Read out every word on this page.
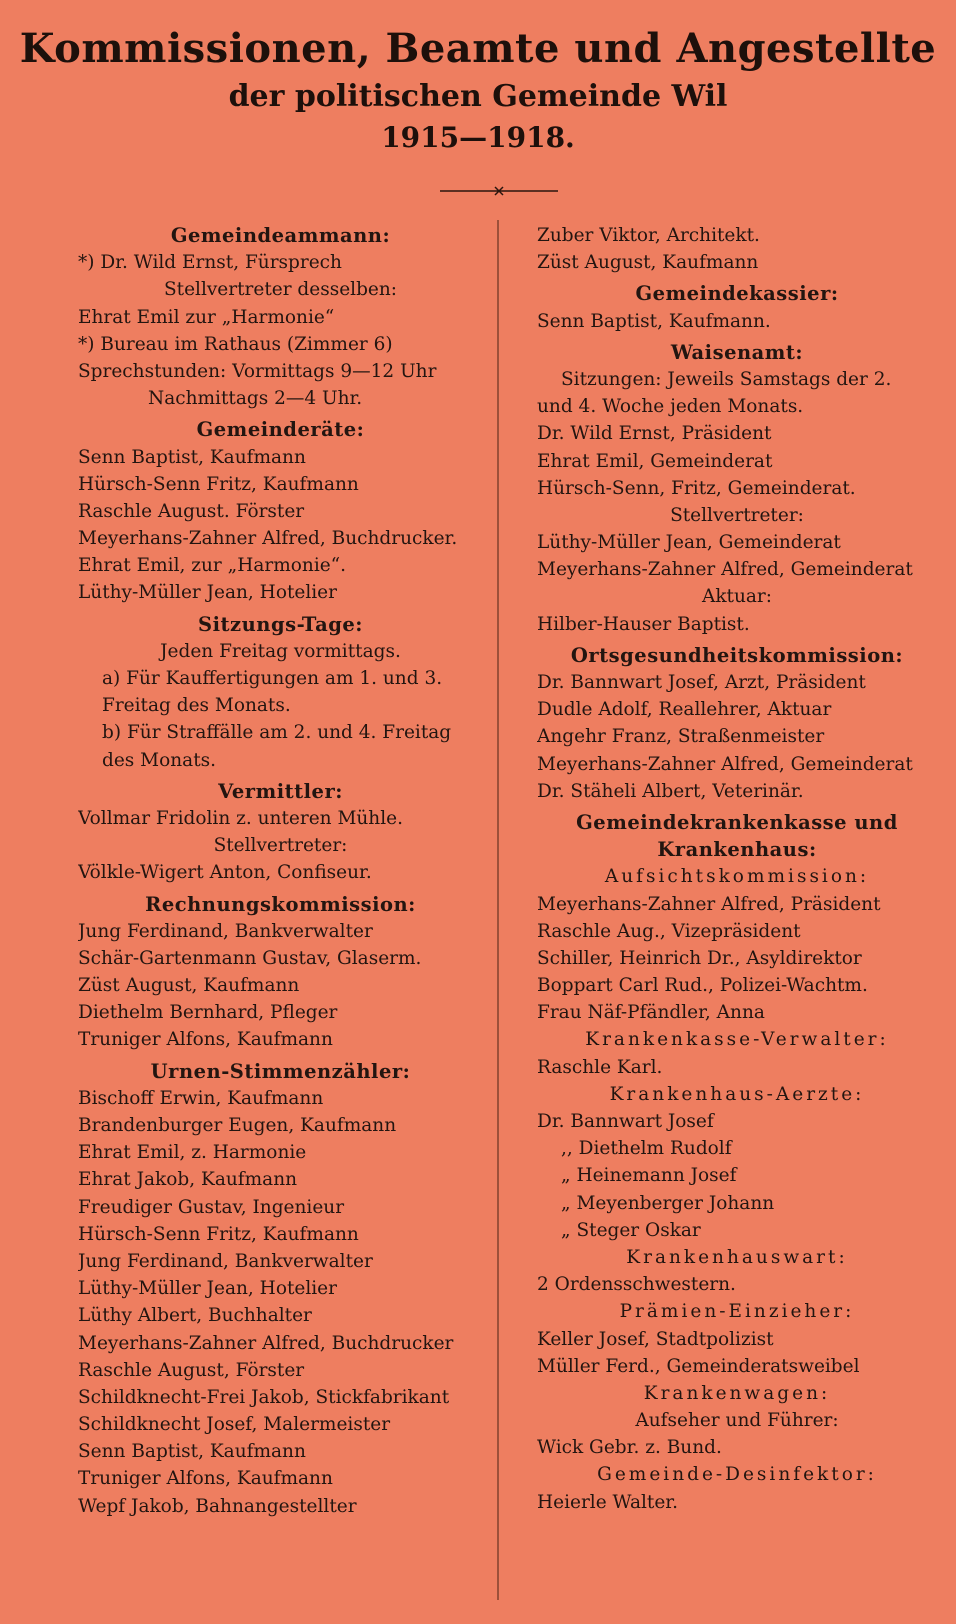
Kommissionen, Beamte und Angestellte

der politischen Gemeinde Wil

1915—1918.

Gemeindeammann:
*) Dr. Wild Ernst, Fürsprech
Stellvertreter desselben:
Ehrat Emil zur „Harmonie“
*) Bureau im Rathaus (Zimmer 6)
Sprechstunden: Vormittags 9—12 Uhr
Nachmittags 2—4 Uhr.
Gemeinderäte:
Senn Baptist, Kaufmann
Hürsch-Senn Fritz, Kaufmann
Raschle August. Förster
Meyerhans-Zahner Alfred, Buchdrucker.
Ehrat Emil, zur „Harmonie“.
Lüthy-Müller Jean, Hotelier
Sitzungs-Tage:
Jeden Freitag vormittags.
a) Für Kauffertigungen am 1. und 3.
Freitag des Monats.
b) Für Straffälle am 2. und 4. Freitag
des Monats.
Vermittler:
Vollmar Fridolin z. unteren Mühle.
Stellvertreter:
Völkle-Wigert Anton, Confiseur.
Rechnungskommission:
Jung Ferdinand, Bankverwalter
Schär-Gartenmann Gustav, Glaserm.
Züst August, Kaufmann
Diethelm Bernhard, Pfleger
Truniger Alfons, Kaufmann
Urnen-Stimmenzähler:
Bischoff Erwin, Kaufmann
Brandenburger Eugen, Kaufmann
Ehrat Emil, z. Harmonie
Ehrat Jakob, Kaufmann
Freudiger Gustav, Ingenieur
Hürsch-Senn Fritz, Kaufmann
Jung Ferdinand, Bankverwalter
Lüthy-Müller Jean, Hotelier
Lüthy Albert, Buchhalter
Meyerhans-Zahner Alfred, Buchdrucker
Raschle August, Förster
Schildknecht-Frei Jakob, Stickfabrikant
Schildknecht Josef, Malermeister
Senn Baptist, Kaufmann
Truniger Alfons, Kaufmann
Wepf Jakob, Bahnangestellter
Zuber Viktor, Architekt.
Züst August, Kaufmann
Gemeindekassier:
Senn Baptist, Kaufmann.
Waisenamt:
Sitzungen: Jeweils Samstags der 2.
und 4. Woche jeden Monats.
Dr. Wild Ernst, Präsident
Ehrat Emil, Gemeinderat
Hürsch-Senn, Fritz, Gemeinderat.
Stellvertreter:
Lüthy-Müller Jean, Gemeinderat
Meyerhans-Zahner Alfred, Gemeinderat
Aktuar:
Hilber-Hauser Baptist.
Ortsgesundheitskommission:
Dr. Bannwart Josef, Arzt, Präsident
Dudle Adolf, Reallehrer, Aktuar
Angehr Franz, Straßenmeister
Meyerhans-Zahner Alfred, Gemeinderat
Dr. Stäheli Albert, Veterinär.
Gemeindekrankenkasse und
Krankenhaus:
Aufsichtskommission:
Meyerhans-Zahner Alfred, Präsident
Raschle Aug., Vizepräsident
Schiller, Heinrich Dr., Asyldirektor
Boppart Carl Rud., Polizei-Wachtm.
Frau Näf-Pfändler, Anna
Krankenkasse-Verwalter:
Raschle Karl.
Krankenhaus-Aerzte:
Dr. Bannwart Josef
,, Diethelm Rudolf
„ Heinemann Josef
„ Meyenberger Johann
„ Steger Oskar
Krankenhauswart:
2 Ordensschwestern.
Prämien-Einzieher:
Keller Josef, Stadtpolizist
Müller Ferd., Gemeinderatsweibel
Krankenwagen:
Aufseher und Führer:
Wick Gebr. z. Bund.
Gemeinde-Desinfektor:
Heierle Walter.
